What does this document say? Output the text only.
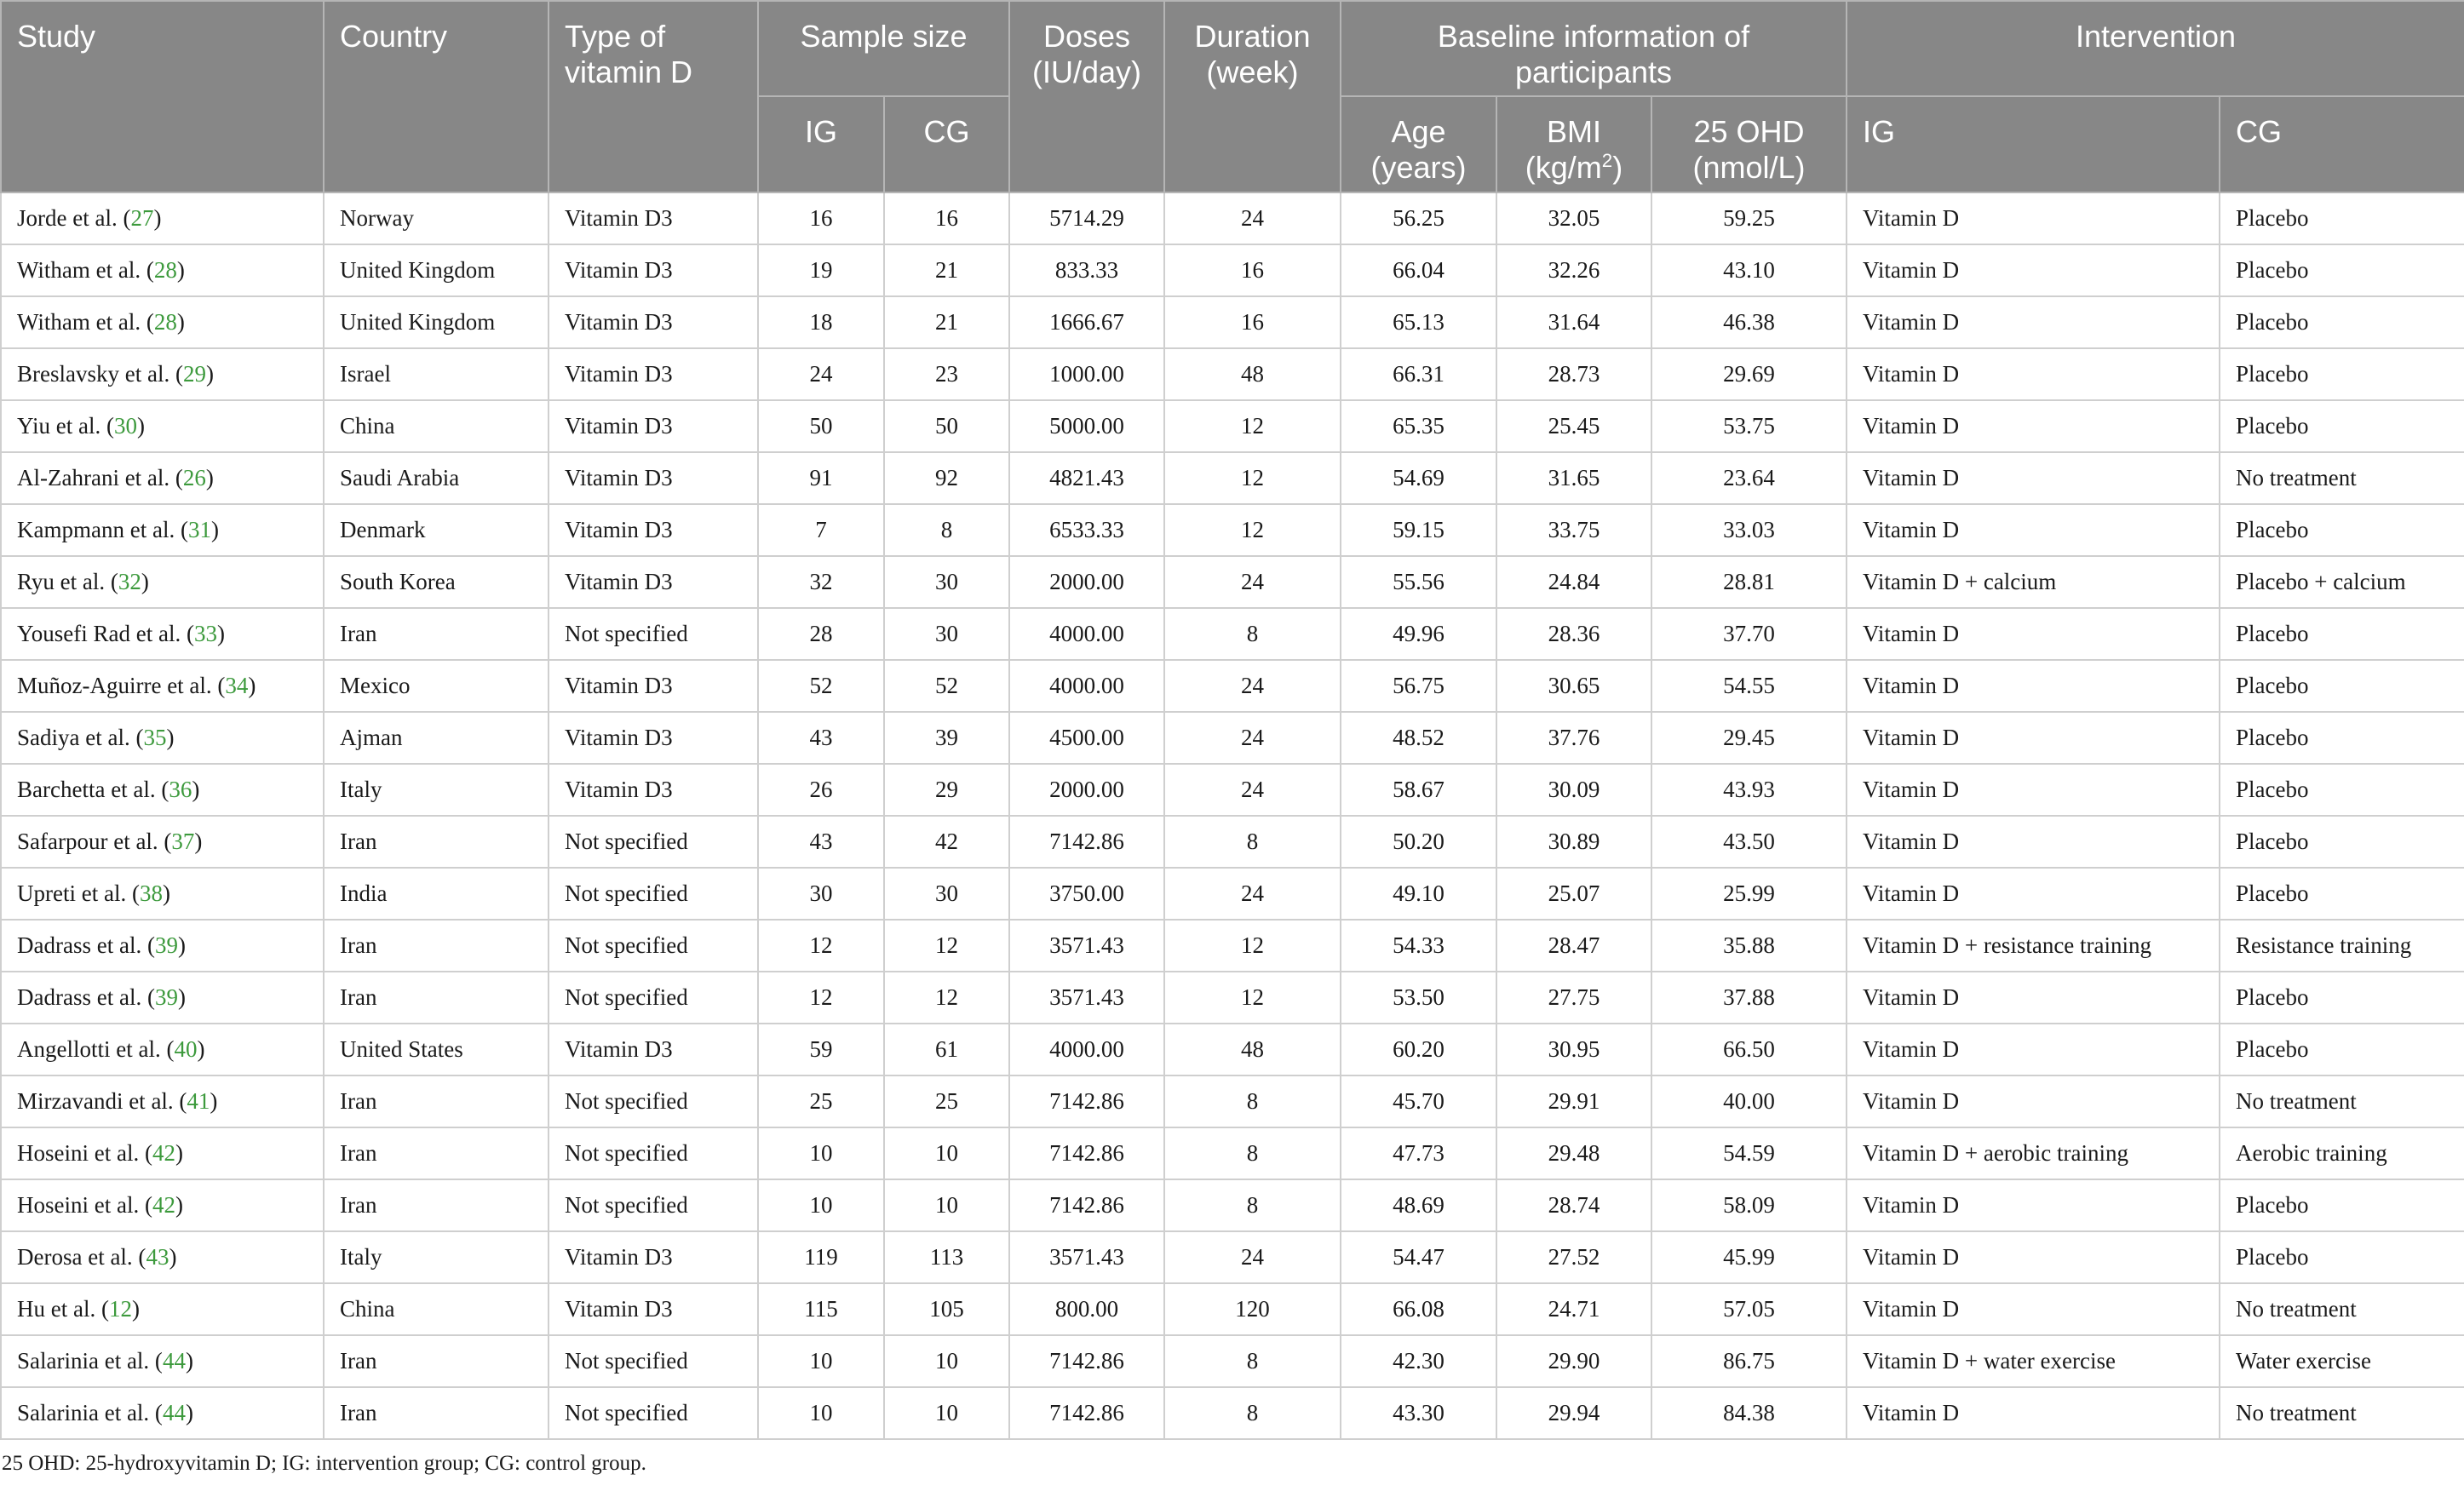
Study	Country	Type of vitamin D	Sample size		Doses (IU/day)	Duration (week)	Baseline information of participants			Intervention	
			IG	CG			Age (years)	BMI $(kg/m^2)$	25 OHD (nmol/L)	IG	CG
Jorde et al. (27)	Norway	Vitamin D3	16	16	5714.29	24	56.25	32.05	59.25	Vitamin D	Placebo
Witham et al. (28)	United Kingdom	Vitamin D3	19	21	833.33	16	66.04	32.26	43.10	Vitamin D	Placebo
Witham et al. (28)	United Kingdom	Vitamin D3	18	21	1666.67	16	65.13	31.64	46.38	Vitamin D	Placebo
Breslavsky et al. (29)	Israel	Vitamin D3	24	23	1000.00	48	66.31	28.73	29.69	Vitamin D	Placebo
Yiu et al. (30)	China	Vitamin D3	50	50	5000.00	12	65.35	25.45	53.75	Vitamin D	Placebo
Al-Zahrani et al. (26)	Saudi Arabia	Vitamin D3	91	92	4821.43	12	54.69	31.65	23.64	Vitamin D	No treatment
Kampmann et al. (31)	Denmark	Vitamin D3	7	8	6533.33	12	59.15	33.75	33.03	Vitamin D	Placebo
Ryu et al. (32)	South Korea	Vitamin D3	32	30	2000.00	24	55.56	24.84	28.81	Vitamin D + calcium	Placebo + calcium
Yousefi Rad et al. (33)	Iran	Not specified	28	30	4000.00	8	49.96	28.36	37.70	Vitamin D	Placebo
Muñoz-Aguirre et al. (34)	Mexico	Vitamin D3	52	52	4000.00	24	56.75	30.65	54.55	Vitamin D	Placebo
Sadiya et al. (35)	Ajman	Vitamin D3	43	39	4500.00	24	48.52	37.76	29.45	Vitamin D	Placebo
Barchetta et al. (36)	Italy	Vitamin D3	26	29	2000.00	24	58.67	30.09	43.93	Vitamin D	Placebo
Safarpour et al. (37)	Iran	Not specified	43	42	7142.86	8	50.20	30.89	43.50	Vitamin D	Placebo
Upreti et al. (38)	India	Not specified	30	30	3750.00	24	49.10	25.07	25.99	Vitamin D	Placebo
Dadrass et al. (39)	Iran	Not specified	12	12	3571.43	12	54.33	28.47	35.88	Vitamin D + resistance training	Resistance training
Dadrass et al. (39)	Iran	Not specified	12	12	3571.43	12	53.50	27.75	37.88	Vitamin D	Placebo
Angellotti et al. (40)	United States	Vitamin D3	59	61	4000.00	48	60.20	30.95	66.50	Vitamin D	Placebo
Mirzavandi et al. (41)	Iran	Not specified	25	25	7142.86	8	45.70	29.91	40.00	Vitamin D	No treatment
Hoseini et al. (42)	Iran	Not specified	10	10	7142.86	8	47.73	29.48	54.59	Vitamin D + aerobic training	Aerobic training
Hoseini et al. (42)	Iran	Not specified	10	10	7142.86	8	48.69	28.74	58.09	Vitamin D	Placebo
Derosa et al. (43)	Italy	Vitamin D3	119	113	3571.43	24	54.47	27.52	45.99	Vitamin D	Placebo
Hu et al. (12)	China	Vitamin D3	115	105	800.00	120	66.08	24.71	57.05	Vitamin D	No treatment
Salarinia et al. (44)	Iran	Not specified	10	10	7142.86	8	42.30	29.90	86.75	Vitamin D + water exercise	Water exercise
Salarinia et al. (44)	Iran	Not specified	10	10	7142.86	8	43.30	29.94	84.38	Vitamin D	No treatment
25 OHD: 25-hydroxyvitamin D; IG: intervention group; CG: control group.
